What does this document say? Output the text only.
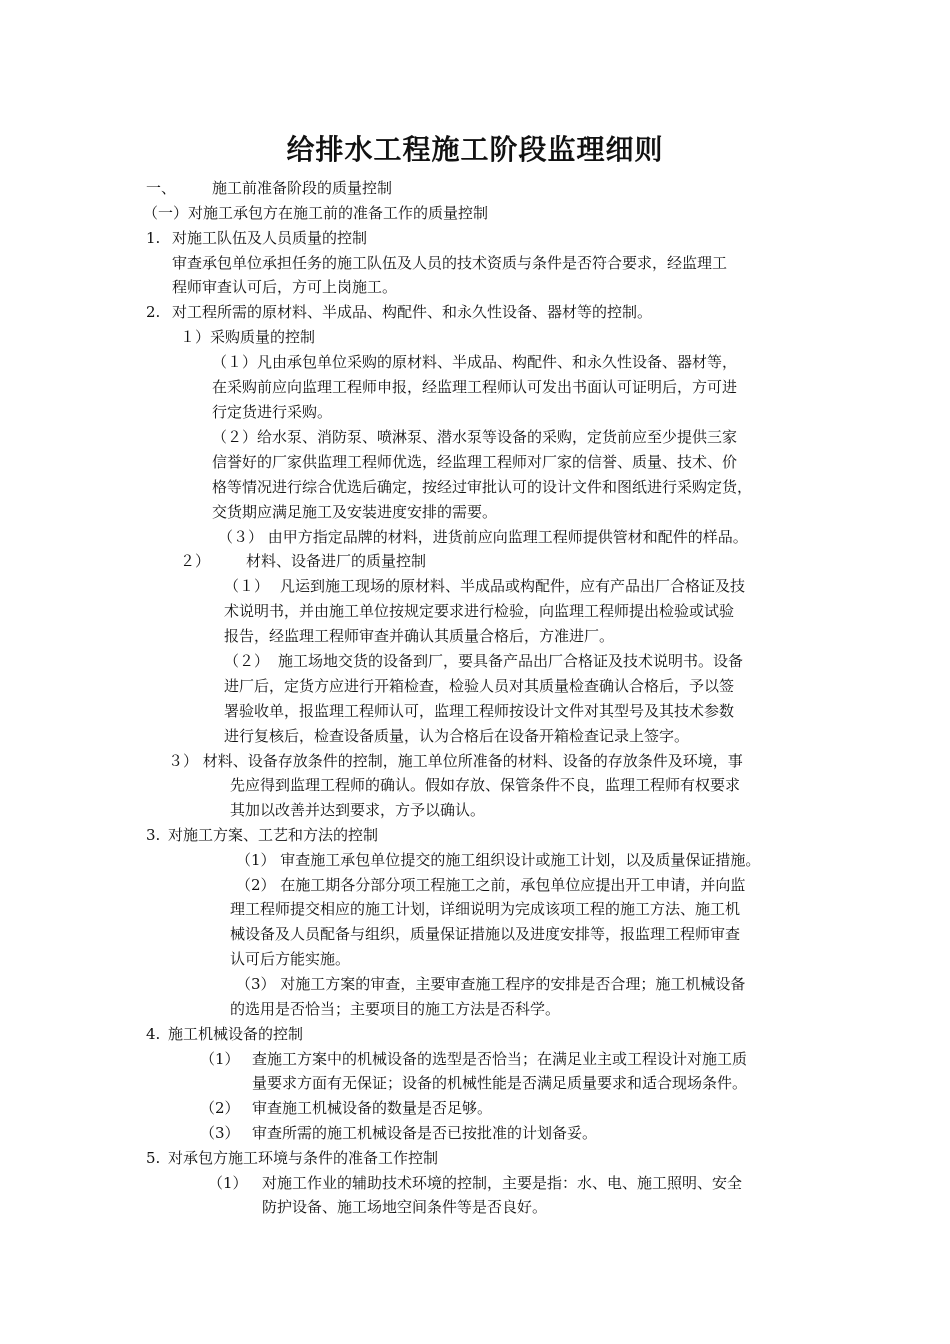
给排水工程施工阶段监理细则
一、 施工前准备阶段的质量控制

（一）对施工承包方在施工前的准备工作的质量控制

1. 对施工队伍及人员质量的控制

审查承包单位承担任务的施工队伍及人员的技术资质与条件是否符合要求，经监理工

程师审查认可后，方可上岗施工。

2. 对工程所需的原材料、半成品、构配件、和永久性设备、器材等的控制。

１）采购质量的控制

（１）凡由承包单位采购的原材料、半成品、构配件、和永久性设备、器材等，

在采购前应向监理工程师申报，经监理工程师认可发出书面认可证明后，方可进

行定货进行采购。

（２）给水泵、消防泵、喷淋泵、潜水泵等设备的采购，定货前应至少提供三家

信誉好的厂家供监理工程师优选，经监理工程师对厂家的信誉、质量、技术、价

格等情况进行综合优选后确定，按经过审批认可的设计文件和图纸进行采购定货，

交货期应满足施工及安装进度安排的需要。

（３） 由甲方指定品牌的材料，进货前应向监理工程师提供管材和配件的样品。

２） 材料、设备进厂的质量控制
（１） 凡运到施工现场的原材料、半成品或构配件，应有产品出厂合格证及技

术说明书，并由施工单位按规定要求进行检验，向监理工程师提出检验或试验

报告，经监理工程师审查并确认其质量合格后，方准进厂。

（２） 施工场地交货的设备到厂，要具备产品出厂合格证及技术说明书。设备

进厂后，定货方应进行开箱检查，检验人员对其质量检查确认合格后，予以签

署验收单，报监理工程师认可，监理工程师按设计文件对其型号及其技术参数

进行复核后，检查设备质量，认为合格后在设备开箱检查记录上签字。

３） 材料、设备存放条件的控制，施工单位所准备的材料、设备的存放条件及环境，事

先应得到监理工程师的确认。假如存放、保管条件不良，监理工程师有权要求

其加以改善并达到要求，方予以确认。

3. 对施工方案、工艺和方法的控制

（1） 审查施工承包单位提交的施工组织设计或施工计划，以及质量保证措施。

（2） 在施工期各分部分项工程施工之前，承包单位应提出开工申请，并向监

理工程师提交相应的施工计划，详细说明为完成该项工程的施工方法、施工机

械设备及人员配备与组织，质量保证措施以及进度安排等，报监理工程师审查

认可后方能实施。

（3） 对施工方案的审查，主要审查施工程序的安排是否合理；施工机械设备

的选用是否恰当；主要项目的施工方法是否科学。

4. 施工机械设备的控制
（1） 查施工方案中的机械设备的选型是否恰当；在满足业主或工程设计对施工质

量要求方面有无保证；设备的机械性能是否满足质量要求和适合现场条件。

（2） 审查施工机械设备的数量是否足够。

（3） 审查所需的施工机械设备是否已按批准的计划备妥。

5. 对承包方施工环境与条件的准备工作控制
（1） 对施工作业的辅助技术环境的控制，主要是指：水、电、施工照明、安全

防护设备、施工场地空间条件等是否良好。
